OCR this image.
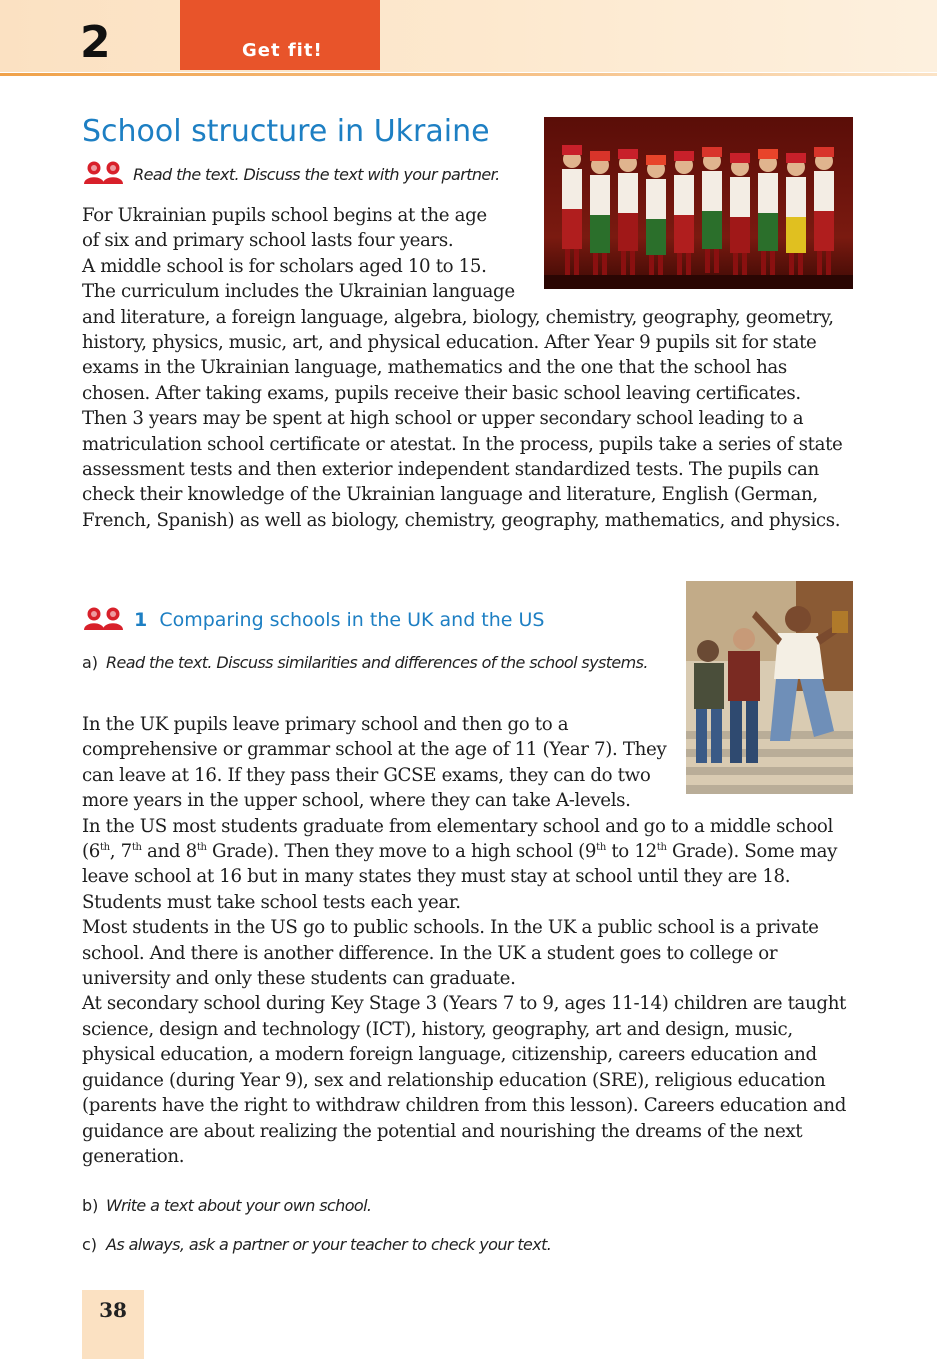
2	Get fit!
School structure in Ukraine
Read the text. Discuss the text with your partner.

For Ukrainian pupils school begins at the age

of six and primary school lasts four years.

A middle school is for scholars aged 10 to 15.

The curriculum includes the Ukrainian language

and literature, a foreign language, algebra, biology, chemistry, geography, geometry, history, physics, music, art, and physical education. After Year 9 pupils sit for state exams in the Ukrainian language, mathematics and the one that the school has chosen. After taking exams, pupils receive their basic school leaving certificates.

Then 3 years may be spent at high school or upper secondary school leading to a matriculation school certificate or atestat. In the process, pupils take a series of state assessment tests and then exterior independent standardized tests. The pupils can check their knowledge of the Ukrainian language and literature, English (German, French, Spanish) as well as biology, chemistry, geography, mathematics, and physics.

1 Comparing schools in the UK and the US
a) Read the text. Discuss similarities and differences of the school systems.

In the UK pupils leave primary school and then go to a

comprehensive or grammar school at the age of 11 (Year 7). They

can leave at 16. If they pass their GCSE exams, they can do two

more years in the upper school, where they can take A-levels.

In the US most students graduate from elementary school and go to a middle school (6th, 7th and 8th Grade). Then they move to a high school (9th to 12th Grade). Some may leave school at 16 but in many states they must stay at school until they are 18. Students must take school tests each year.

Most students in the US go to public schools. In the UK a public school is a private school. And there is another difference. In the UK a student goes to college or university and only these students can graduate.

At secondary school during Key Stage 3 (Years 7 to 9, ages 11-14) children are taught science, design and technology (ICT), history, geography, art and design, music, physical education, a modern foreign language, citizenship, careers education and guidance (during Year 9), sex and relationship education (SRE), religious education (parents have the right to withdraw children from this lesson). Careers education and guidance are about realizing the potential and nourishing the dreams of the next generation.

b) Write a text about your own school.
c) As always, ask a partner or your teacher to check your text.
38
